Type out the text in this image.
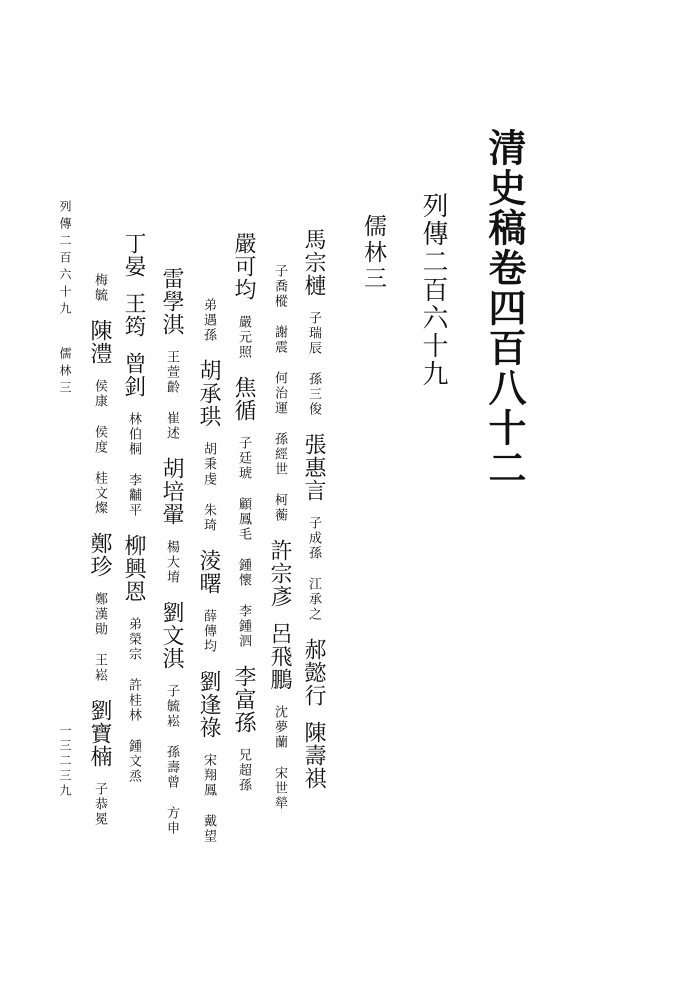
清史稿卷四百八十二
列傳二百六十九
儒林三
馬宗槤
子瑞辰
孫三俊
張惠言
子成孫
江承之
郝懿行
陳壽祺
子喬樅
謝震
何治運
孫經世
柯蘅
許宗彥
呂飛鵬
沈夢蘭
宋世犖
嚴可均
嚴元照
焦循
子廷琥
顧鳳毛
鍾懷
李鍾泗
李富孫
兄超孫
弟遇孫
胡承珙
胡秉虔
朱琦
淩曙
薛傳均
劉逢祿
宋翔鳳
戴望
雷學淇
王萱齡
崔述
胡培翬
楊大堉
劉文淇
子毓崧
孫壽曾
方申
丁晏
王筠
曾釗
林伯桐
李黼平
柳興恩
弟榮宗
許桂林
鍾文烝
梅毓
陳澧
侯康
侯度
桂文燦
鄭珍
鄭漢勛
王崧
劉寶楠
子恭冕
列傳二百六十九儒林三
一三二三九
